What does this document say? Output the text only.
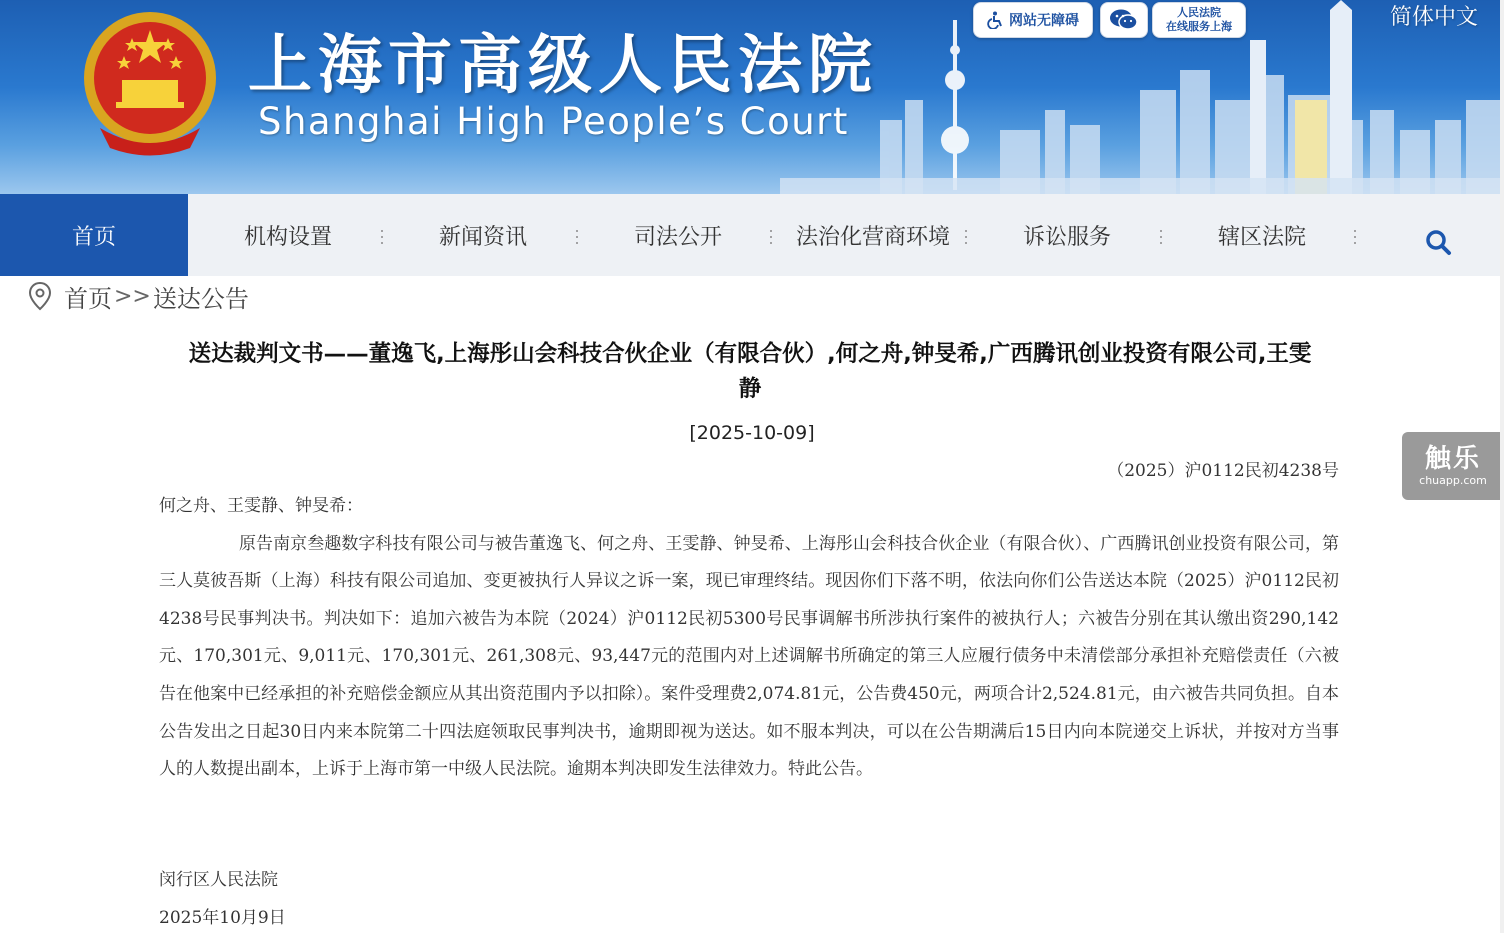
上海市高级人民法院
Shanghai High People’s Court
网站无障碍
人民法院
在线服务上海	简体中文
首页	机构设置	新闻资讯	司法公开	法治化营商环境	诉讼服务	辖区法院
首页 >> 送达公告
送达裁判文书——董逸飞,上海彤山会科技合伙企业（有限合伙）,何之舟,钟旻希,广西腾讯创业投资有限公司,王雯静
[2025-10-09]
（2025）沪0112民初4238号

何之舟、王雯静、钟旻希：

原告南京叁趣数字科技有限公司与被告董逸飞、何之舟、王雯静、钟旻希、上海彤山会科技合伙企业（有限合伙）、广西腾讯创业投资有限公司，第三人莫彼吾斯（上海）科技有限公司追加、变更被执行人异议之诉一案，现已审理终结。现因你们下落不明，依法向你们公告送达本院（2025）沪0112民初4238号民事判决书。判决如下：追加六被告为本院（2024）沪0112民初5300号民事调解书所涉执行案件的被执行人；六被告分别在其认缴出资290,142元、170,301元、9,011元、170,301元、261,308元、93,447元的范围内对上述调解书所确定的第三人应履行债务中未清偿部分承担补充赔偿责任（六被告在他案中已经承担的补充赔偿金额应从其出资范围内予以扣除）。案件受理费2,074.81元，公告费450元，两项合计2,524.81元，由六被告共同负担。自本公告发出之日起30日内来本院第二十四法庭领取民事判决书，逾期即视为送达。如不服本判决，可以在公告期满后15日内向本院递交上诉状，并按对方当事人的人数提出副本，上诉于上海市第一中级人民法院。逾期本判决即发生法律效力。特此公告。

闵行区人民法院
2025年10月9日
触乐
chuapp.com
